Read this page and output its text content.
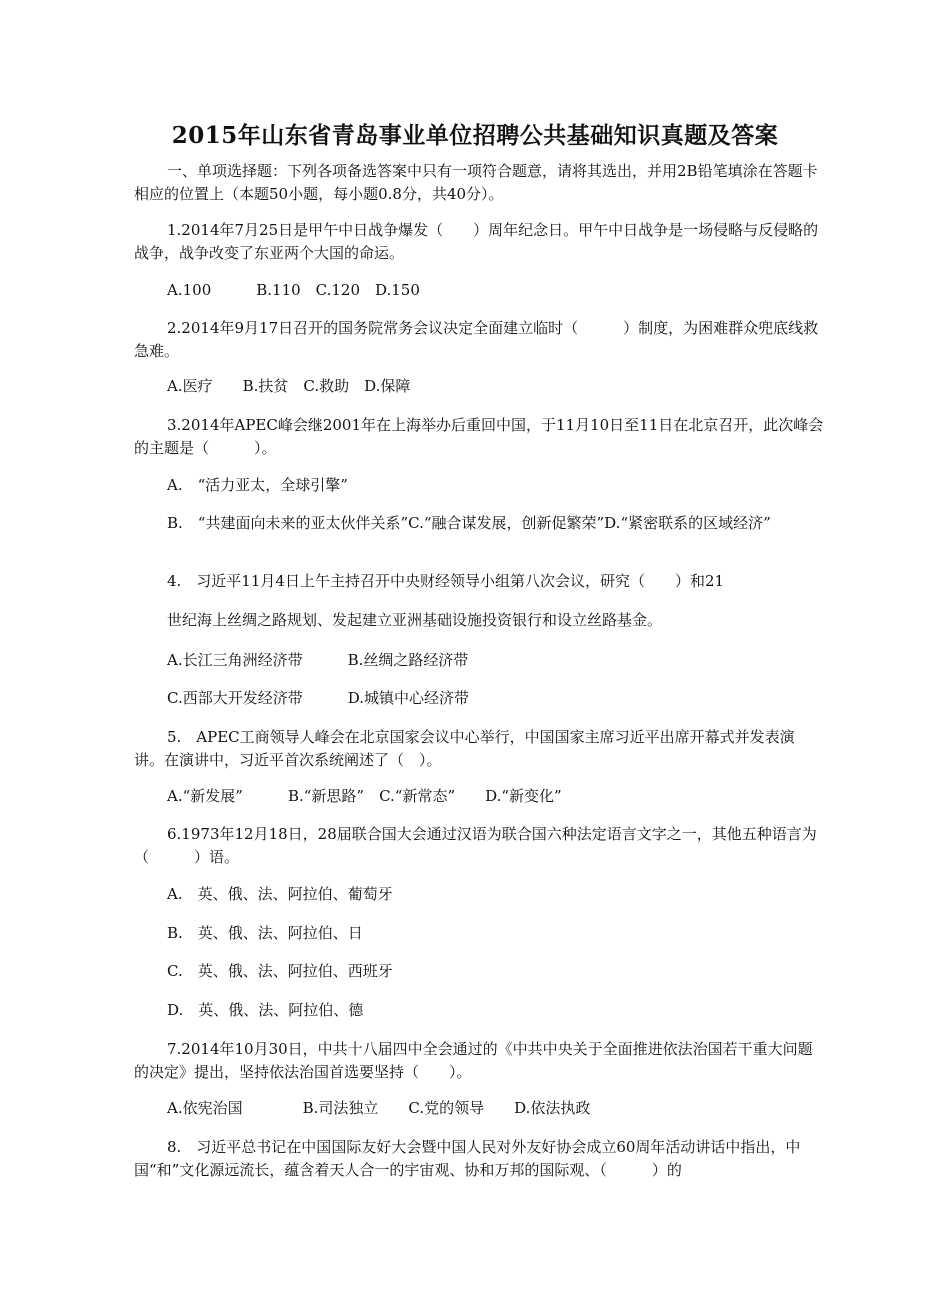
2015年山东省青岛事业单位招聘公共基础知识真题及答案

一、单项选择题：下列各项备选答案中只有一项符合题意，请将其选出，并用2B铅笔填涂在答题卡相应的位置上（本题50小题，每小题0.8分，共40分）。

1.2014年7月25日是甲午中日战争爆发（　　）周年纪念日。甲午中日战争是一场侵略与反侵略的战争，战争改变了东亚两个大国的命运。

A.100　　　B.110　C.120　D.150

2.2014年9月17日召开的国务院常务会议决定全面建立临时（　　　）制度，为困难群众兜底线救急难。

A.医疗　　B.扶贫　C.救助　D.保障

3.2014年APEC峰会继2001年在上海举办后重回中国，于11月10日至11日在北京召开，此次峰会的主题是（　　　）。

A.　“活力亚太，全球引擎”

B.　“共建面向未来的亚太伙伴关系”C.“融合谋发展，创新促繁荣”D.“紧密联系的区域经济”

4.　习近平11月4日上午主持召开中央财经领导小组第八次会议，研究（　　）和21

世纪海上丝绸之路规划、发起建立亚洲基础设施投资银行和设立丝路基金。

A.长江三角洲经济带　　　B.丝绸之路经济带

C.西部大开发经济带　　　D.城镇中心经济带

5.　APEC工商领导人峰会在北京国家会议中心举行，中国国家主席习近平出席开幕式并发表演讲。在演讲中，习近平首次系统阐述了（　）。

A.“新发展”　　　B.“新思路”　C.“新常态”　　D.“新变化”

6.1973年12月18日，28届联合国大会通过汉语为联合国六种法定语言文字之一，其他五种语言为（　　　）语。

A.　英、俄、法、阿拉伯、葡萄牙

B.　英、俄、法、阿拉伯、日

C.　英、俄、法、阿拉伯、西班牙

D.　英、俄、法、阿拉伯、德

7.2014年10月30日，中共十八届四中全会通过的《中共中央关于全面推进依法治国若干重大问题的决定》提出，坚持依法治国首选要坚持（　　）。

A.依宪治国　　　　B.司法独立　　C.党的领导　　D.依法执政

8.　习近平总书记在中国国际友好大会暨中国人民对外友好协会成立60周年活动讲话中指出，中国“和”文化源远流长，蕴含着天人合一的宇宙观、协和万邦的国际观、（　　　）的
